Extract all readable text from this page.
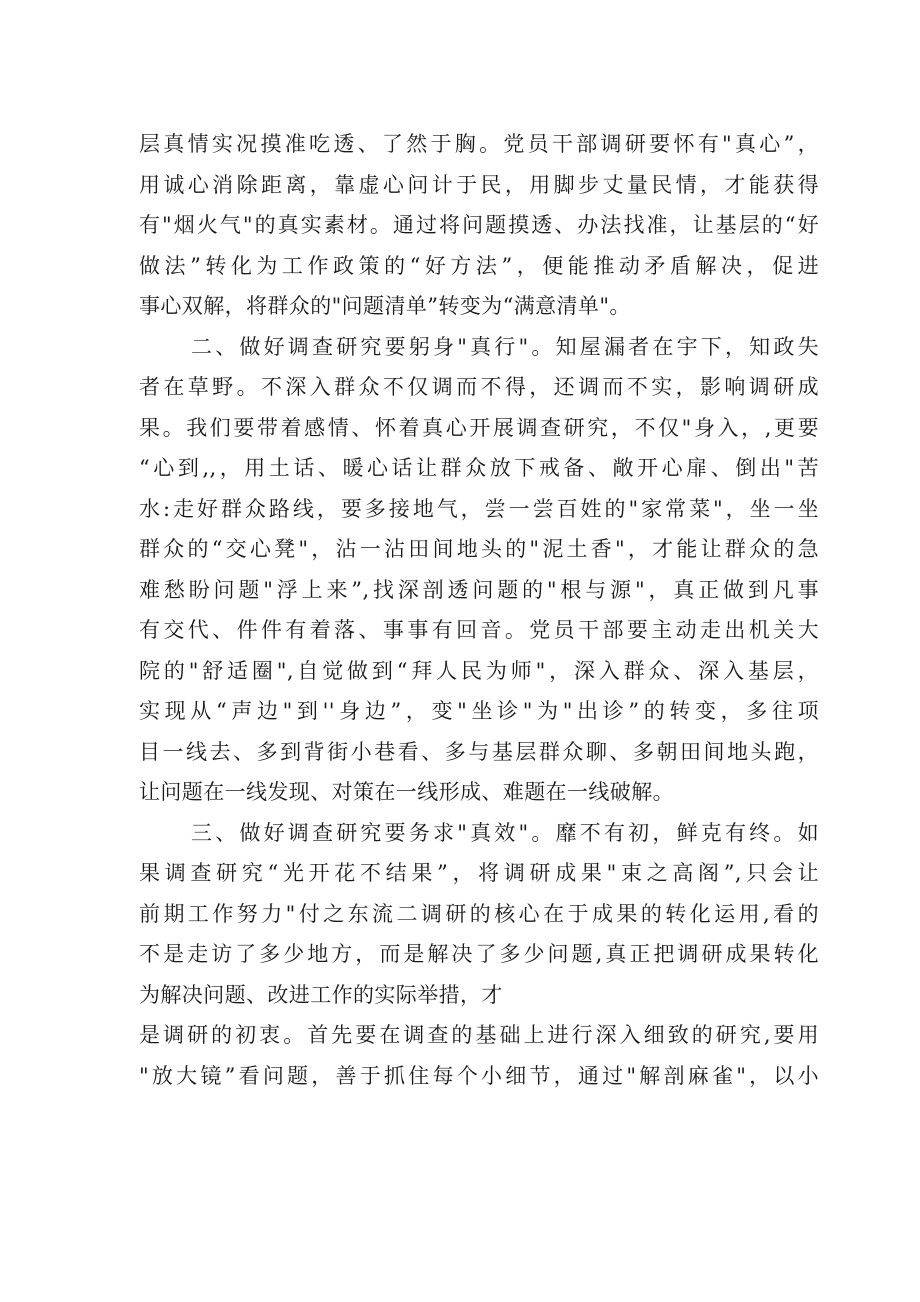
层真情实况摸准吃透、了然于胸。党员干部调研要怀有"真心”，
用诚心消除距离，靠虚心问计于民，用脚步丈量民情，才能获得
有"烟火气"的真实素材。通过将问题摸透、办法找准，让基层的“好
做法”转化为工作政策的“好方法”，便能推动矛盾解决，促进
事心双解，将群众的"问题清单”转变为“满意清单"。
二、做好调查研究要躬身"真行"。知屋漏者在宇下，知政失
者在草野。不深入群众不仅调而不得，还调而不实，影响调研成
果。我们要带着感情、怀着真心开展调查研究，不仅"身入，,更要
“心到,,，用土话、暖心话让群众放下戒备、敞开心扉、倒出"苦
水:走好群众路线，要多接地气，尝一尝百姓的"家常菜"，坐一坐
群众的“交心凳"，沾一沾田间地头的"泥土香"，才能让群众的急
难愁盼问题"浮上来”,找深剖透问题的"根与源"，真正做到凡事
有交代、件件有着落、事事有回音。党员干部要主动走出机关大
院的"舒适圈",自觉做到“拜人民为师"，深入群众、深入基层，
实现从“声边"到''身边”，变"坐诊"为"出诊”的转变，多往项
目一线去、多到背街小巷看、多与基层群众聊、多朝田间地头跑，
让问题在一线发现、对策在一线形成、难题在一线破解。
三、做好调查研究要务求"真效"。靡不有初，鲜克有终。如
果调查研究“光开花不结果”，将调研成果"束之高阁”,只会让
前期工作努力"付之东流二调研的核心在于成果的转化运用,看的
不是走访了多少地方，而是解决了多少问题,真正把调研成果转化
为解决问题、改进工作的实际举措，才
是调研的初衷。首先要在调查的基础上进行深入细致的研究,要用
"放大镜”看问题，善于抓住每个小细节，通过"解剖麻雀"，以小
